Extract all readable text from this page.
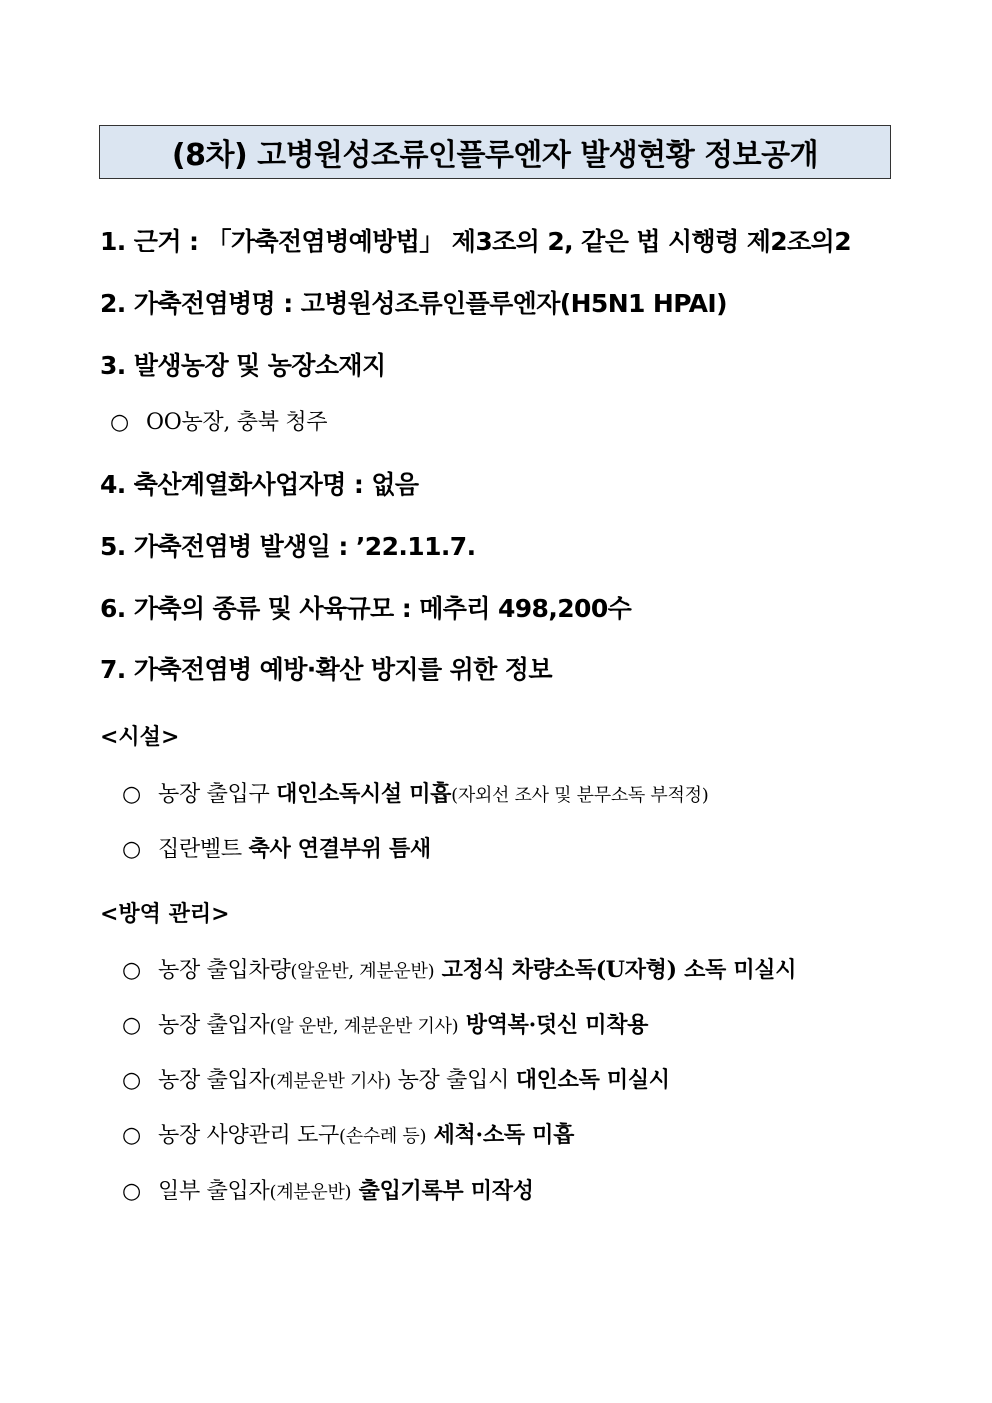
(8차) 고병원성조류인플루엔자 발생현황 정보공개
1. 근거 : 「가축전염병예방법」 제3조의 2, 같은 법 시행령 제2조의2
2. 가축전염병명 : 고병원성조류인플루엔자(H5N1 HPAI)
3. 발생농장 및 농장소재지
○ OO농장, 충북 청주
4. 축산계열화사업자명 : 없음
5. 가축전염병 발생일 : ’22.11.7.
6. 가축의 종류 및 사육규모 : 메추리 498,200수
7. 가축전염병 예방·확산 방지를 위한 정보
<시설>
○ 농장 출입구 대인소독시설 미흡(자외선 조사 및 분무소독 부적정)
○ 집란벨트 축사 연결부위 틈새
<방역 관리>
○ 농장 출입차량(알운반, 계분운반) 고정식 차량소독(U자형) 소독 미실시
○ 농장 출입자(알 운반, 계분운반 기사) 방역복·덧신 미착용
○ 농장 출입자(계분운반 기사) 농장 출입시 대인소독 미실시
○ 농장 사양관리 도구(손수레 등) 세척·소독 미흡
○ 일부 출입자(계분운반) 출입기록부 미작성
